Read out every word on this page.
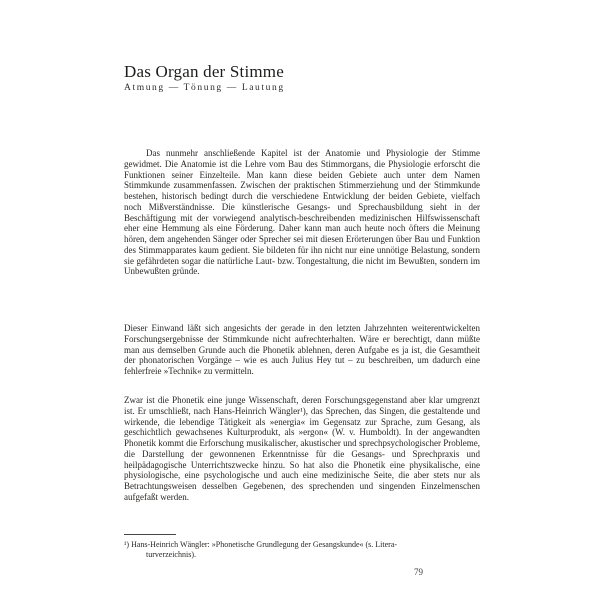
Das Organ der Stimme
Atmung — Tönung — Lautung

Das nunmehr anschließende Kapitel ist der Anatomie und Physiologie der Stimme gewidmet. Die Anatomie ist die Lehre vom Bau des Stimmorgans, die Physiologie erforscht die Funktionen seiner Einzelteile. Man kann diese beiden Gebiete auch unter dem Namen Stimmkunde zusammenfassen. Zwischen der praktischen Stimmerziehung und der Stimmkunde bestehen, historisch bedingt durch die verschiedene Entwicklung der beiden Gebiete, vielfach noch Mißverständnisse. Die künstlerische Gesangs- und Sprechausbildung sieht in der Beschäftigung mit der vorwiegend analytisch-beschreibenden medizinischen Hilfswissenschaft eher eine Hemmung als eine Förderung. Daher kann man auch heute noch öfters die Meinung hören, dem angehenden Sänger oder Sprecher sei mit diesen Erörterungen über Bau und Funktion des Stimmapparates kaum gedient. Sie bildeten für ihn nicht nur eine unnötige Belastung, sondern sie gefährdeten sogar die natürliche Laut- bzw. Tongestaltung, die nicht im Bewußten, sondern im Unbewußten gründe.

Dieser Einwand läßt sich angesichts der gerade in den letzten Jahrzehnten weiterentwickelten Forschungsergebnisse der Stimmkunde nicht aufrechterhalten. Wäre er berechtigt, dann müßte man aus demselben Grunde auch die Phonetik ablehnen, deren Aufgabe es ja ist, die Gesamtheit der phonatorischen Vorgänge – wie es auch Julius Hey tut – zu beschreiben, um dadurch eine fehlerfreie »Technik« zu vermitteln.

Zwar ist die Phonetik eine junge Wissenschaft, deren Forschungsgegenstand aber klar umgrenzt ist. Er umschließt, nach Hans-Heinrich Wängler¹), das Sprechen, das Singen, die gestaltende und wirkende, die lebendige Tätigkeit als »energia« im Gegensatz zur Sprache, zum Gesang, als geschichtlich gewachsenes Kulturprodukt, als »ergon« (W. v. Humboldt). In der angewandten Phonetik kommt die Erforschung musikalischer, akustischer und sprechpsychologischer Probleme, die Darstellung der gewonnenen Erkenntnisse für die Gesangs- und Sprechpraxis und heilpädagogische Unterrichtszwecke hinzu. So hat also die Phonetik eine physikalische, eine physiologische, eine psychologische und auch eine medizinische Seite, die aber stets nur als Betrachtungsweisen desselben Gegebenen, des sprechenden und singenden Einzelmenschen aufgefaßt werden.

¹) Hans-Heinrich Wängler: »Phonetische Grundlegung der Gesangskunde« (s. Litera-
turverzeichnis).
79
